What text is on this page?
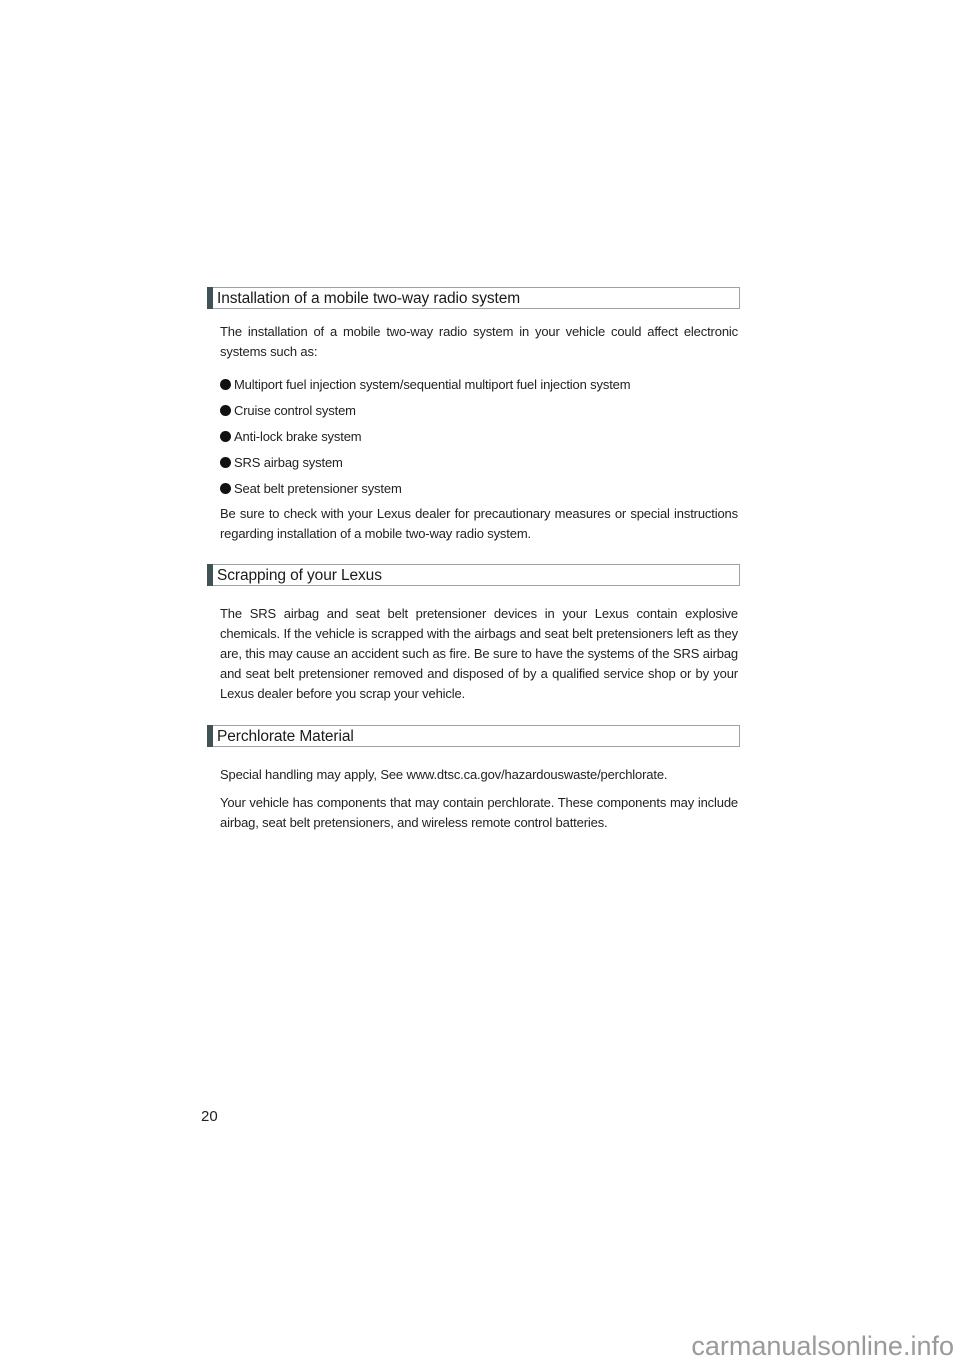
Installation of a mobile two-way radio system
The installation of a mobile two-way radio system in your vehicle could affect electronic systems such as:
Multiport fuel injection system/sequential multiport fuel injection system
Cruise control system
Anti-lock brake system
SRS airbag system
Seat belt pretensioner system
Be sure to check with your Lexus dealer for precautionary measures or special instructions regarding installation of a mobile two-way radio system.
Scrapping of your Lexus
The SRS airbag and seat belt pretensioner devices in your Lexus contain explosive chemicals. If the vehicle is scrapped with the airbags and seat belt pretensioners left as they are, this may cause an accident such as fire. Be sure to have the systems of the SRS airbag and seat belt pretensioner removed and disposed of by a qualified service shop or by your Lexus dealer before you scrap your vehicle.
Perchlorate Material
Special handling may apply, See www.dtsc.ca.gov/hazardouswaste/perchlorate.
Your vehicle has components that may contain perchlorate. These components may include airbag, seat belt pretensioners, and wireless remote control batteries.
20
carmanualsonline.info
